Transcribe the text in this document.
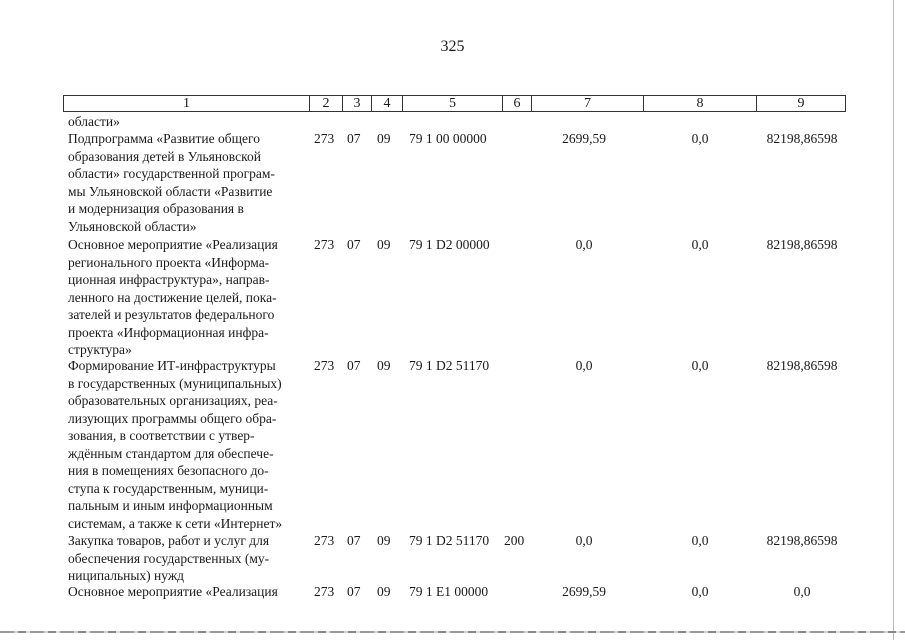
325
1	2	3	4	5	6	7	8	9
области»
Подпрограмма «Развитие общего
образования детей в Ульяновской
области» государственной програм-
мы Ульяновской области «Развитие
и модернизация образования в
Ульяновской области»
273 07 09 79 1 00 00000	2699,59	0,0	82198,86598
Основное мероприятие «Реализация
регионального проекта «Информа-
ционная инфраструктура», направ-
ленного на достижение целей, пока-
зателей и результатов федерального
проекта «Информационная инфра-
структура»
273 07 09 79 1 D2 00000	0,0	0,0	82198,86598
Формирование ИТ-инфраструктуры
в государственных (муниципальных)
образовательных организациях, реа-
лизующих программы общего обра-
зования, в соответствии с утвер-
ждённым стандартом для обеспече-
ния в помещениях безопасного до-
ступа к государственным, муници-
пальным и иным информационным
системам, а также к сети «Интернет»
273 07 09 79 1 D2 51170	0,0	0,0	82198,86598
Закупка товаров, работ и услуг для
обеспечения государственных (му-
ниципальных) нужд
273 07 09 79 1 D2 51170 200	0,0	0,0	82198,86598
Основное мероприятие «Реализация	273 07 09 79 1 E1 00000	2699,59	0,0	0,0
